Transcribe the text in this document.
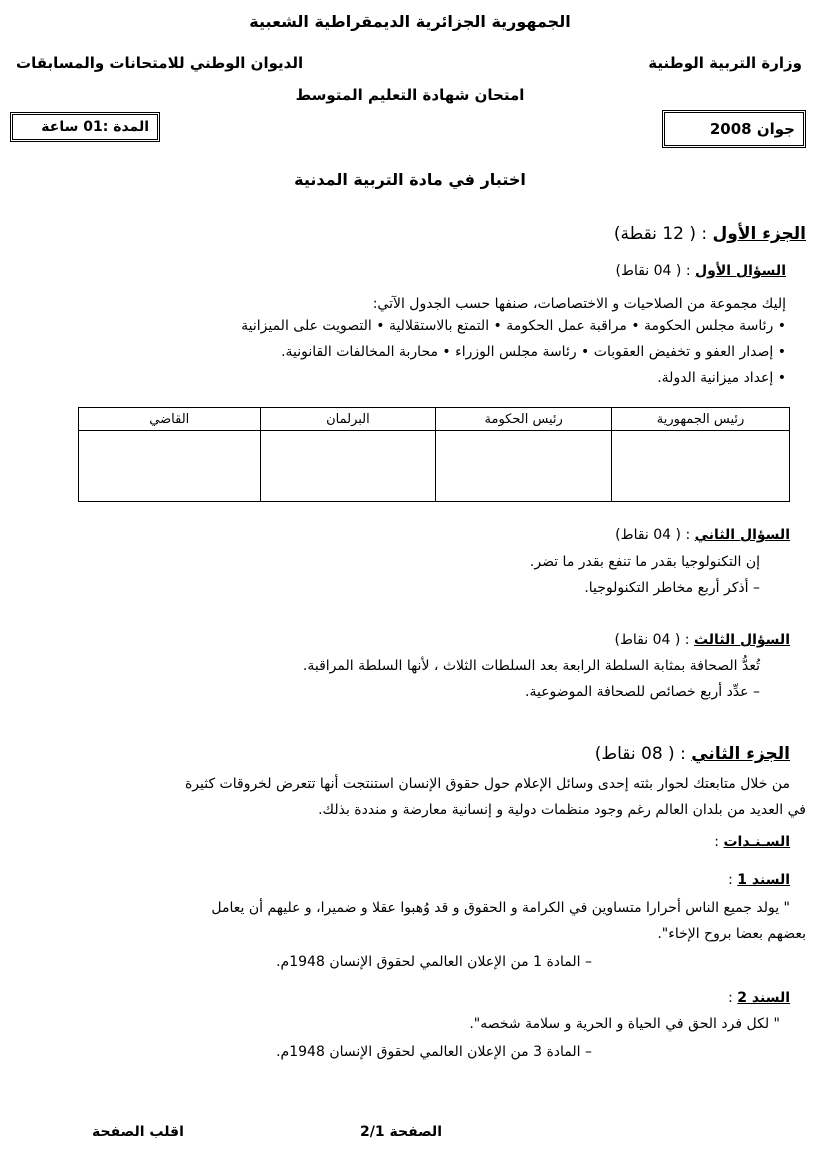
الجمهورية الجزائرية الديمقراطية الشعبية
وزارة التربية الوطنية
الديوان الوطني للامتحانات والمسابقات
امتحان شهادة التعليم المتوسط
جوان 2008
المدة :01 ساعة
اختبار في مادة التربية المدنية
الجزء الأول : ( 12 نقطة)
السؤال الأول : ( 04 نقاط)
إليك مجموعة من الصلاحيات و الاختصاصات، صنفها حسب الجدول الآتي:
• رئاسة مجلس الحكومة • مراقبة عمل الحكومة • التمتع بالاستقلالية • التصويت على الميزانية
• إصدار العفو و تخفيض العقوبات • رئاسة مجلس الوزراء • محاربة المخالفات القانونية.
• إعداد ميزانية الدولة.
رئيس الجمهورية	رئيس الحكومة	البرلمان	القاضي

السؤال الثاني : ( 04 نقاط)
إن التكنولوجيا بقدر ما تنفع بقدر ما تضر.
– أذكر أربع مخاطر التكنولوجيا.
السؤال الثالث : ( 04 نقاط)
تُعدُّ الصحافة بمثابة السلطة الرابعة بعد السلطات الثلاث ، لأنها السلطة المراقبة.
– عدِّد أربع خصائص للصحافة الموضوعية.
الجزء الثاني : ( 08 نقاط)
من خلال متابعتك لحوار بثته إحدى وسائل الإعلام حول حقوق الإنسان استنتجت أنها تتعرض لخروقات كثيرة
في العديد من بلدان العالم رغم وجود منظمات دولية و إنسانية معارضة و منددة بذلك.
السـنـدات :
السند 1 :
" يولد جميع الناس أحرارا متساوين في الكرامة و الحقوق و قد وُهبوا عقلا و ضميرا، و عليهم أن يعامل
بعضهم بعضا بروح الإخاء".
– المادة 1 من الإعلان العالمي لحقوق الإنسان 1948م.
السند 2 :
" لكل فرد الحق في الحياة و الحرية و سلامة شخصه".
– المادة 3 من الإعلان العالمي لحقوق الإنسان 1948م.
الصفحة 2/1
اقلب الصفحة
